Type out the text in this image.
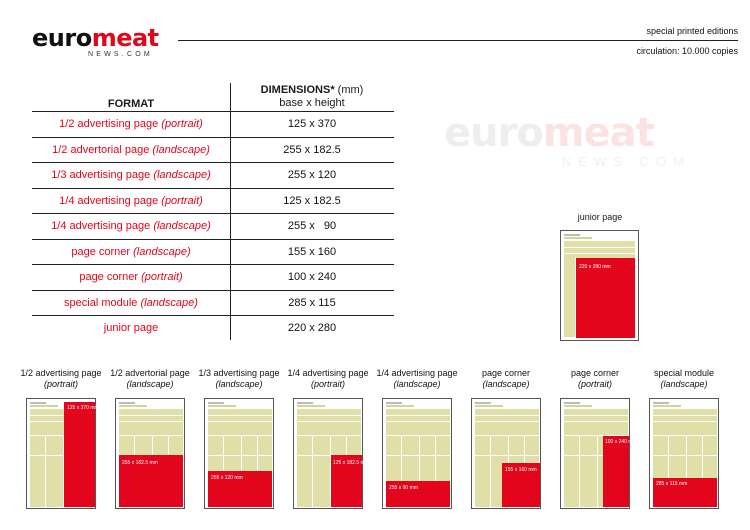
euromeat
NEWS.COM
special printed editions
circulation: 10.000 copies
euromeat
NEWS.COM
FORMAT
DIMENSIONS* (mm)
base x height
1/2 advertising page (portrait)	125 x 370
1/2 advertorial page (landscape)	255 x 182.5
1/3 advertising page (landscape)	255 x 120
1/4 advertising page (portrait)	125 x 182.5
1/4 advertising page (landscape)	255 x   90
page corner (landscape)	155 x 160
page corner (portrait)	100 x 240
special module (landscape)	285 x 115
junior page	220 x 280
junior page
220 x 280 mm
1/2 advertising page
(portrait)
125 x 370 mm
1/2 advertorial page
(landscape)
255 x 182.5 mm
1/3 advertising page
(landscape)
255 x 120 mm
1/4 advertising page
(portrait)
125 x 182.5 mm
1/4 advertising page
(landscape)
255 x 90 mm
page corner
(landscape)
155 x 160 mm
page corner
(portrait)
100 x 240 mm
special module
(landscape)
285 x 115 mm
